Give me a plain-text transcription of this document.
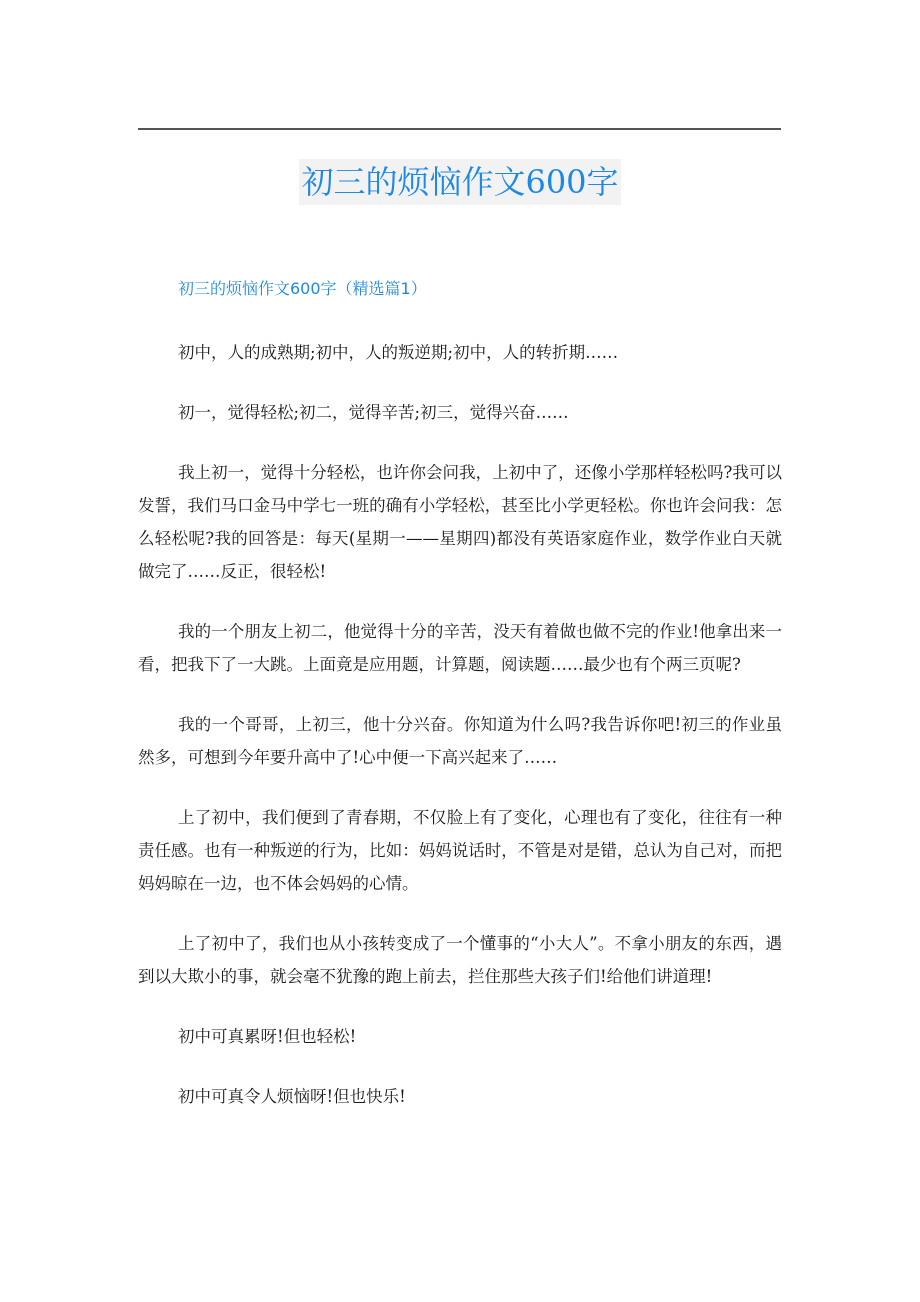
初三的烦恼作文600字
初三的烦恼作文600字（精选篇1）

初中，人的成熟期;初中，人的叛逆期;初中，人的转折期……

初一，觉得轻松;初二，觉得辛苦;初三，觉得兴奋……

我上初一，觉得十分轻松，也许你会问我，上初中了，还像小学那样轻松吗?我可以发誓，我们马口金马中学七一班的确有小学轻松，甚至比小学更轻松。你也许会问我：怎么轻松呢?我的回答是：每天(星期一——星期四)都没有英语家庭作业，数学作业白天就做完了……反正，很轻松!

我的一个朋友上初二，他觉得十分的辛苦，没天有着做也做不完的作业!他拿出来一看，把我下了一大跳。上面竟是应用题，计算题，阅读题……最少也有个两三页呢?

我的一个哥哥，上初三，他十分兴奋。你知道为什么吗?我告诉你吧!初三的作业虽然多，可想到今年要升高中了!心中便一下高兴起来了……

上了初中，我们便到了青春期，不仅脸上有了变化，心理也有了变化，往往有一种责任感。也有一种叛逆的行为，比如：妈妈说话时，不管是对是错，总认为自己对，而把妈妈晾在一边，也不体会妈妈的心情。

上了初中了，我们也从小孩转变成了一个懂事的“小大人”。不拿小朋友的东西，遇到以大欺小的事，就会毫不犹豫的跑上前去，拦住那些大孩子们!给他们讲道理!

初中可真累呀!但也轻松!

初中可真令人烦恼呀!但也快乐!
